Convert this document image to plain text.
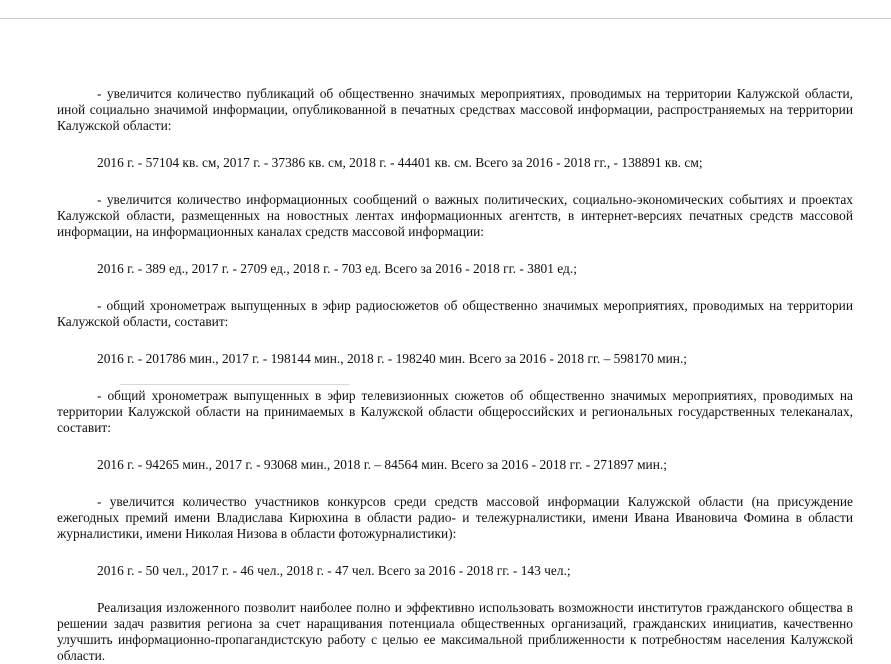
- увеличится количество публикаций об общественно значимых мероприятиях, проводимых на территории Калужской области, иной социально значимой информации, опубликованной в печатных средствах массовой информации, распространяемых на территории Калужской области:

2016 г. - 57104 кв. см, 2017 г. - 37386 кв. см, 2018 г. - 44401 кв. см. Всего за 2016 - 2018 гг., - 138891 кв. см;

- увеличится количество информационных сообщений о важных политических, социально-экономических событиях и проектах Калужской области, размещенных на новостных лентах информационных агентств, в интернет-версиях печатных средств массовой информации, на информационных каналах средств массовой информации:

2016 г. - 389 ед., 2017 г. - 2709 ед., 2018 г. - 703 ед. Всего за 2016 - 2018 гг. - 3801 ед.;

- общий хронометраж выпущенных в эфир радиосюжетов об общественно значимых мероприятиях, проводимых на территории Калужской области, составит:

2016 г. - 201786 мин., 2017 г. - 198144 мин., 2018 г. - 198240 мин. Всего за 2016 - 2018 гг. – 598170 мин.;

- общий хронометраж выпущенных в эфир телевизионных сюжетов об общественно значимых мероприятиях, проводимых на территории Калужской области на принимаемых в Калужской области общероссийских и региональных государственных телеканалах, составит:

2016 г. - 94265 мин., 2017 г. - 93068 мин., 2018 г. – 84564 мин. Всего за 2016 - 2018 гг. - 271897 мин.;

- увеличится количество участников конкурсов среди средств массовой информации Калужской области (на присуждение ежегодных премий имени Владислава Кирюхина в области радио- и тележурналистики, имени Ивана Ивановича Фомина в области журналистики, имени Николая Низова в области фотожурналистики):

2016 г. - 50 чел., 2017 г. - 46 чел., 2018 г. - 47 чел. Всего за 2016 - 2018 гг. - 143 чел.;

Реализация изложенного позволит наиболее полно и эффективно использовать возможности институтов гражданского общества в решении задач развития региона за счет наращивания потенциала общественных организаций, гражданских инициатив, качественно улучшить информационно-пропагандистскую работу с целью ее максимальной приближенности к потребностям населения Калужской области.
